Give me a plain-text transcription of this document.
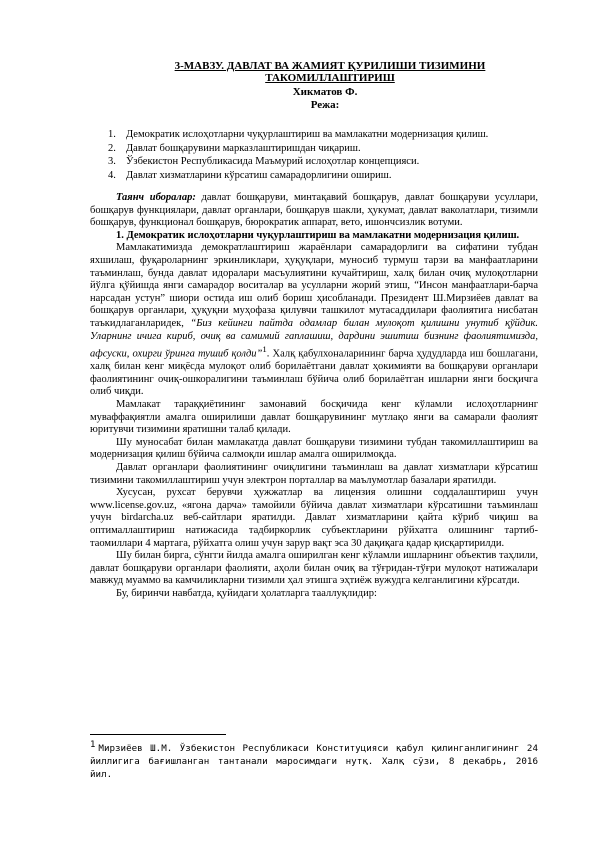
3-МАВЗУ. ДАВЛАТ ВА ЖАМИЯТ ҚУРИЛИШИ ТИЗИМИНИ
ТАКОМИЛЛАШТИРИШ
Хикматов Ф.
Режа:
1. Демократик ислоҳотларни чуқурлаштириш ва мамлакатни модернизация қилиш.
2. Давлат бошқарувини марказлаштиришдан чиқариш.
3. Ўзбекистон Республикасида Маъмурий ислоҳотлар концепцияси.
4. Давлат хизматларини кўрсатиш самарадорлигини ошириш.

Таянч иборалар: давлат бошқаруви, минтақавий бошқарув, давлат бошқаруви усуллари, бошқарув функциялари, давлат органлари, бошқарув шакли, ҳукумат, давлат ваколатлари, тизимли бошқарув, функционал бошқарув, бюрократик аппарат, вето, ишончсизлик вотуми.

1. Демократик ислоҳотларни чуқурлаштириш ва мамлакатни модернизация қилиш.

Мамлакатимизда демократлаштириш жараёнлари самарадорлиги ва сифатини тубдан яхшилаш, фуқароларнинг эркинликлари, ҳуқуқлари, муносиб турмуш тарзи ва манфаатларини таъминлаш, бунда давлат идоралари масъулиятини кучайтириш, халқ билан очиқ мулоқотларни йўлга қўйишда янги самарадор воситалар ва усулларни жорий этиш, “Инсон манфаатлари-барча нарсадан устун” шиори остида иш олиб бориш ҳисобланади. Президент Ш.Мирзиёев давлат ва бошқарув органлари, ҳуқуқни муҳофаза қилувчи ташкилот мутасаддилари фаолиятига нисбатан таъкидлаганларидек, “Биз кейинги пайтда одамлар билан мулоқот қилишни унутиб қўйдик. Уларнинг ичига кириб, очиқ ва самимий гаплашиш, дардини эшитиш бизнинг фаолиятимизда, афсуски, охирги ўринга тушиб қолди”$^1$. Халқ қабулхоналарининг барча ҳудудларда иш бошлагани, халқ билан кенг миқёсда мулоқот олиб борилаётгани давлат ҳокимияти ва бошқаруви органлари фаолиятининг очиқ-ошкоралигини таъминлаш бўйича олиб борилаётган ишларни янги босқичга олиб чиқди.

Мамлакат тараққиётининг замонавий босқичида кенг кўламли ислоҳотларнинг муваффақиятли амалга оширилиши давлат бошқарувининг мутлақо янги ва самарали фаолият юритувчи тизимини яратишни талаб қилади.

Шу муносабат билан мамлакатда давлат бошқаруви тизимини тубдан такомиллаштириш ва модернизация қилиш бўйича салмоқли ишлар амалга оширилмоқда.

Давлат органлари фаолиятининг очиқлигини таъминлаш ва давлат хизматлари кўрсатиш тизимини такомиллаштириш учун электрон порталлар ва маълумотлар базалари яратилди.

Хусусан, рухсат берувчи ҳужжатлар ва лицензия олишни соддалаштириш учун www.license.gov.uz, «ягона дарча» тамойили бўйича давлат хизматлари кўрсатишни таъминлаш учун birdarcha.uz веб-сайтлари яратилди. Давлат хизматларини қайта кўриб чиқиш ва оптималлаштириш натижасида тадбиркорлик субъектларини рўйхатга олишнинг тартиб-таомиллари 4 мартага, рўйхатга олиш учун зарур вақт эса 30 дақиқага қадар қисқартирилди.

Шу билан бирга, сўнгги йилда амалга оширилган кенг кўламли ишларнинг объектив таҳлили, давлат бошқаруви органлари фаолияти, аҳоли билан очиқ ва тўғридан-тўғри мулоқот натижалари мавжуд муаммо ва камчиликларни тизимли ҳал этишга эҳтиёж вужудга келганлигини кўрсатди.

Бу, биринчи навбатда, қуйидаги ҳолатларга тааллуқлидир:

$^1$ Мирзиёев Ш.М. Ўзбекистон Республикаси Конституцияси қабул қилинганлигининг 24 йиллигига бағишланган тантанали маросимдаги нутқ. Халқ сўзи, 8 декабрь, 2016 йил.
